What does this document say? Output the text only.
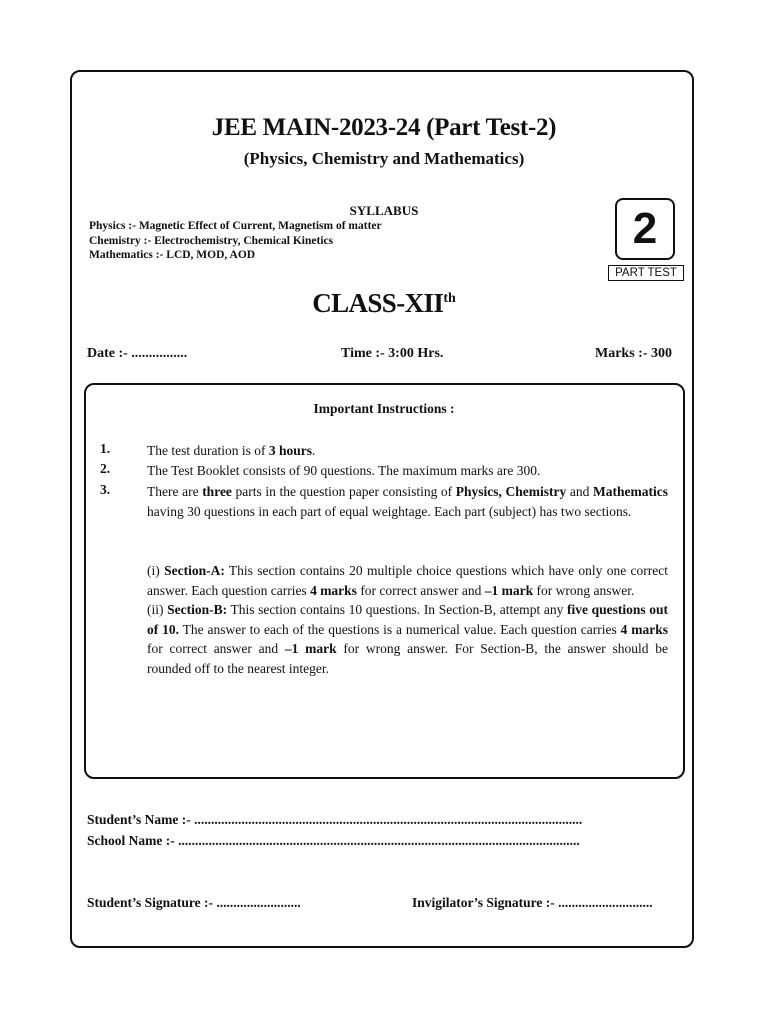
JEE MAIN-2023-24 (Part Test-2)
(Physics, Chemistry and Mathematics)
SYLLABUS
Physics :- Magnetic Effect of Current, Magnetism of matter
Chemistry :- Electrochemistry, Chemical Kinetics
Mathematics :- LCD, MOD, AOD
2
PART TEST
CLASS-XIIth
Date :- ................	Time :- 3:00 Hrs.	Marks :- 300
Important Instructions :
1.	The test duration is of 3 hours.
2.	The Test Booklet consists of 90 questions. The maximum marks are 300.
3.	There are three parts in the question paper consisting of Physics, Chemistry and Mathematics having 30 questions in each part of equal weightage. Each part (subject) has two sections.
(i) Section-A: This section contains 20 multiple choice questions which have only one correct answer. Each question carries 4 marks for correct answer and –1 mark for wrong answer.
(ii) Section-B: This section contains 10 questions. In Section-B, attempt any five questions out of 10. The answer to each of the questions is a numerical value. Each question carries 4 marks for correct answer and –1 mark for wrong answer. For Section-B, the answer should be rounded off to the nearest integer.
Student’s Name :- ...................................................................................................................
School Name :- .......................................................................................................................
Student’s Signature :- .........................	Invigilator’s Signature :- ............................
